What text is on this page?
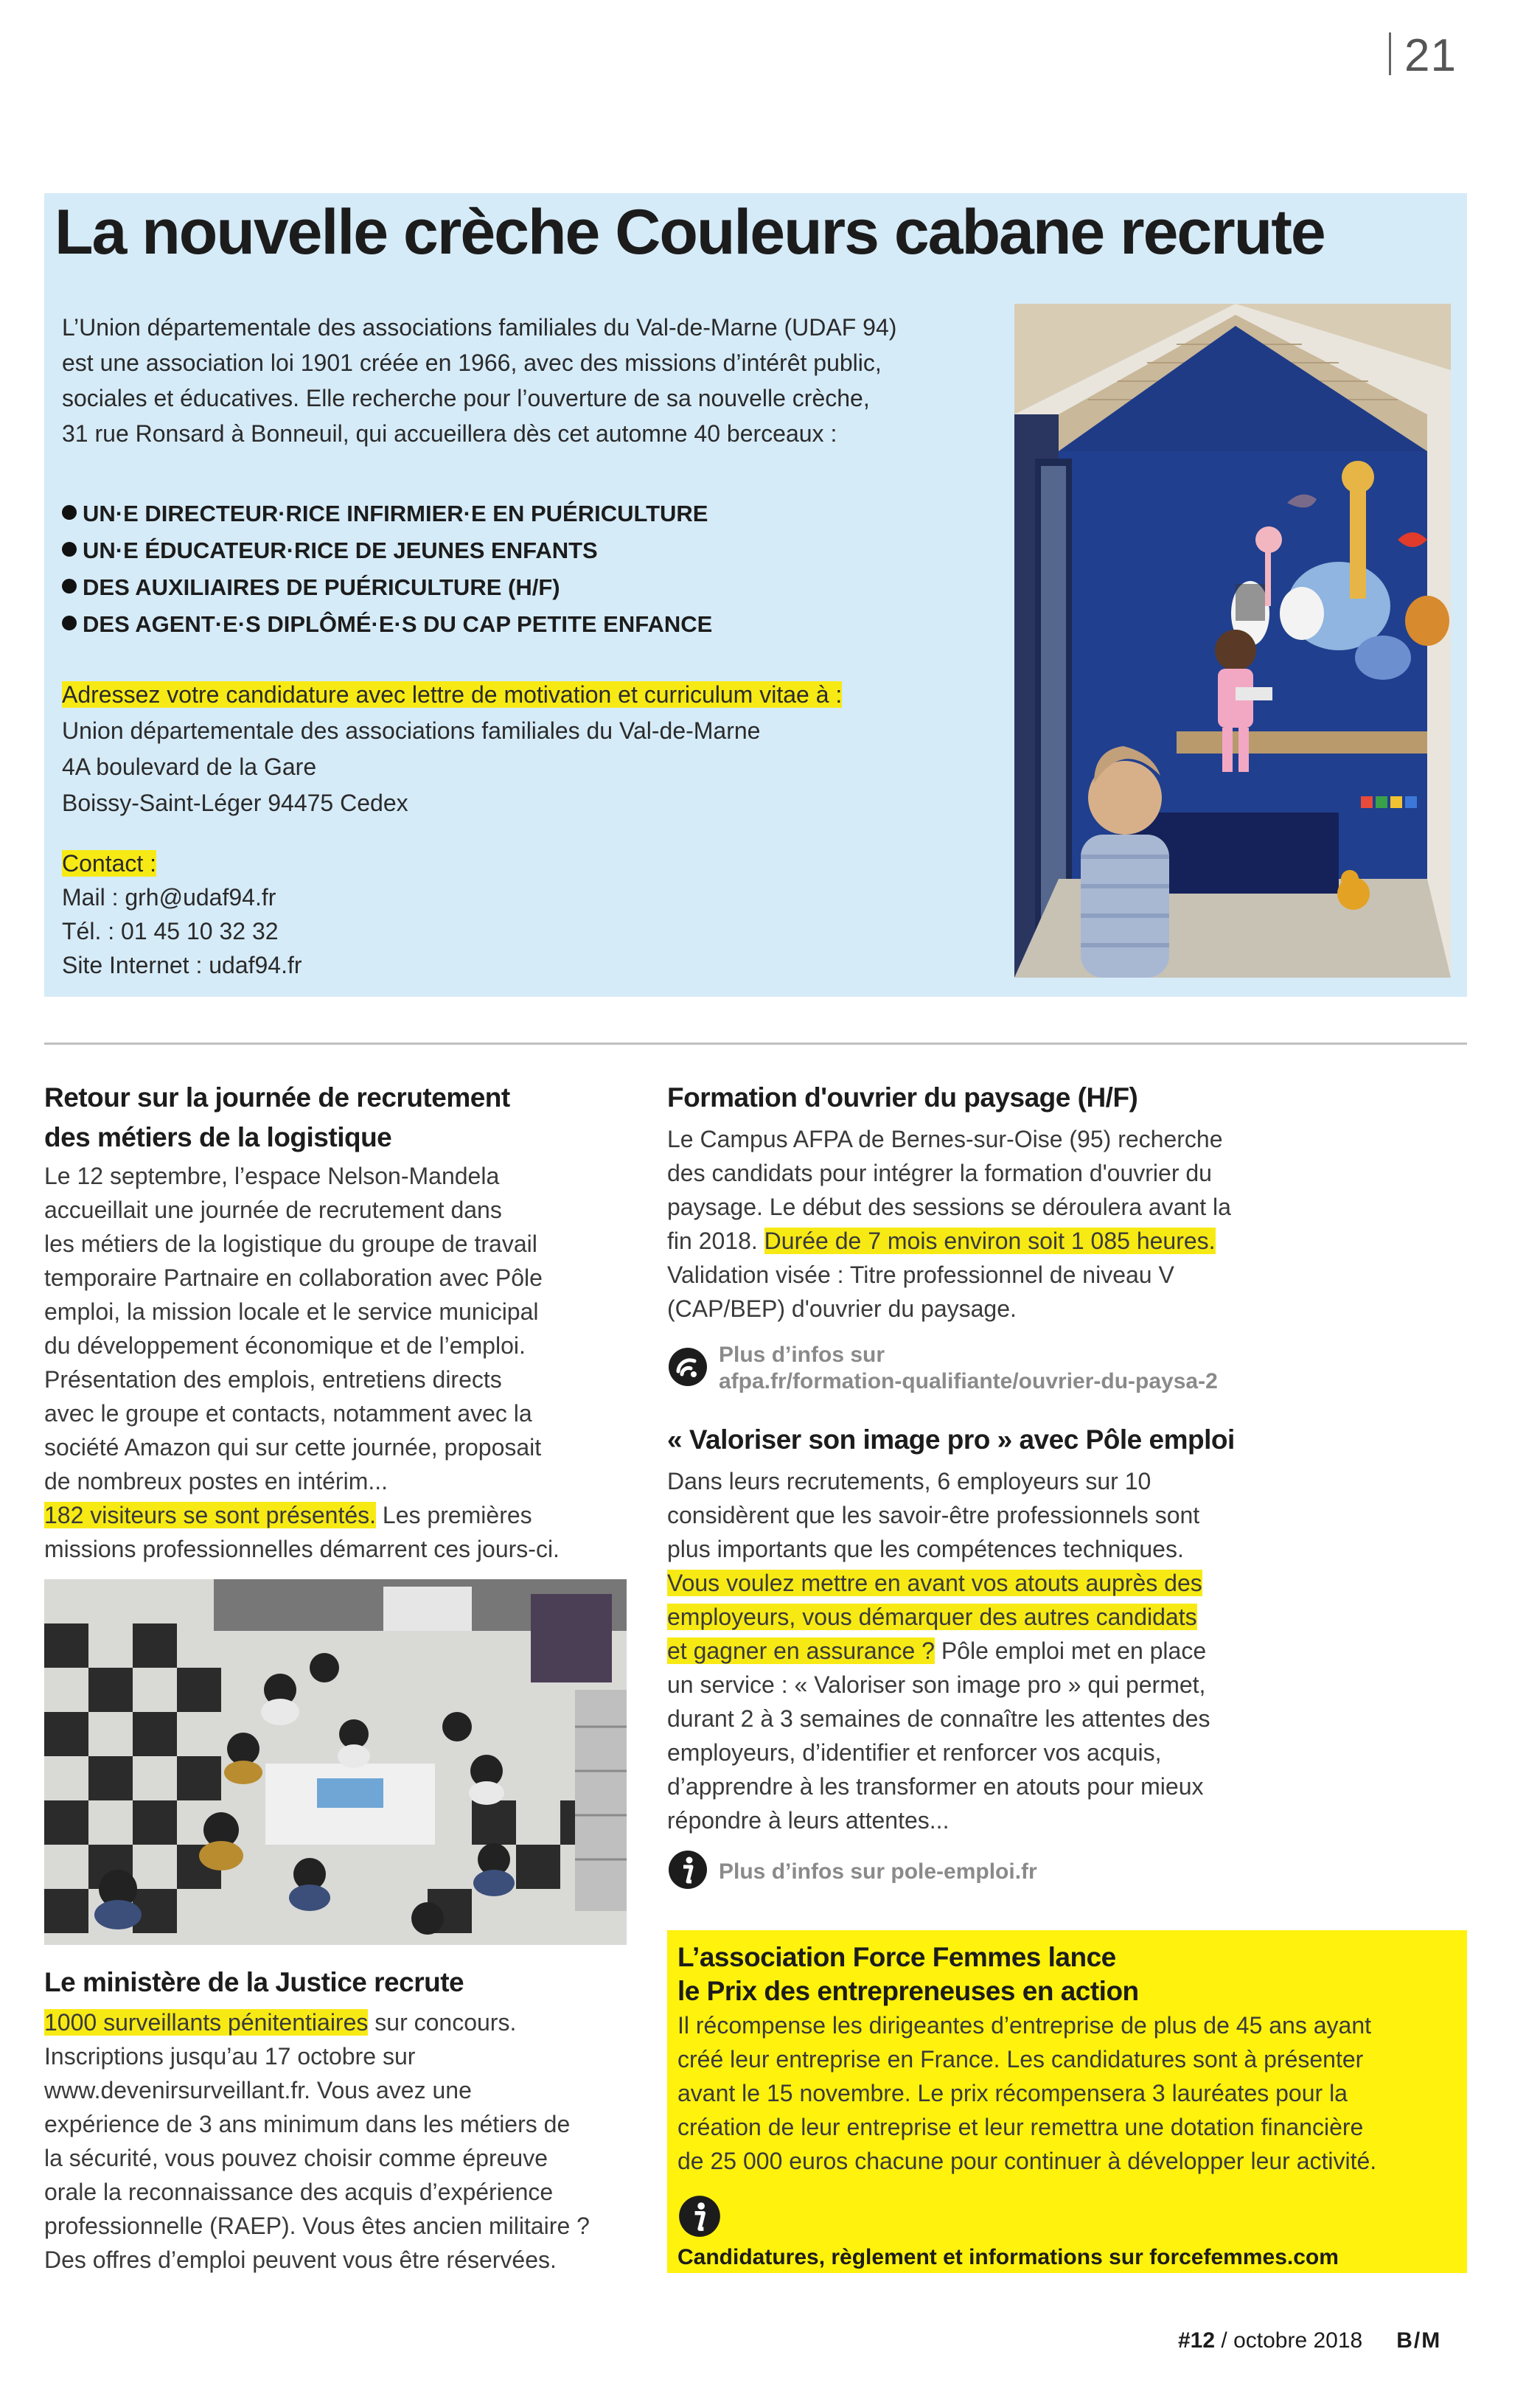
21
La nouvelle crèche Couleurs cabane recrute
L’Union départementale des associations familiales du Val-de-Marne (UDAF 94)
est une association loi 1901 créée en 1966, avec des missions d’intérêt public,
sociales et éducatives. Elle recherche pour l’ouverture de sa nouvelle crèche,
31 rue Ronsard à Bonneuil, qui accueillera dès cet automne 40 berceaux :
UN·E DIRECTEUR·RICE INFIRMIER·E EN PUÉRICULTURE
UN·E ÉDUCATEUR·RICE DE JEUNES ENFANTS
DES AUXILIAIRES DE PUÉRICULTURE (H/F)
DES AGENT·E·S DIPLÔMÉ·E·S DU CAP PETITE ENFANCE
Adressez votre candidature avec lettre de motivation et curriculum vitae à :
Union départementale des associations familiales du Val-de-Marne
4A boulevard de la Gare
Boissy-Saint-Léger 94475 Cedex
Contact :
Mail : grh@udaf94.fr
Tél. : 01 45 10 32 32
Site Internet : udaf94.fr
Retour sur la journée de recrutement
des métiers de la logistique
Le 12 septembre, l’espace Nelson-Mandela
accueillait une journée de recrutement dans
les métiers de la logistique du groupe de travail
temporaire Partnaire en collaboration avec Pôle
emploi, la mission locale et le service municipal
du développement économique et de l’emploi.
Présentation des emplois, entretiens directs
avec le groupe et contacts, notamment avec la
société Amazon qui sur cette journée, proposait
de nombreux postes en intérim...
182 visiteurs se sont présentés. Les premières
missions professionnelles démarrent ces jours-ci.
Le ministère de la Justice recrute
1000 surveillants pénitentiaires sur concours.
Inscriptions jusqu’au 17 octobre sur
www.devenirsurveillant.fr. Vous avez une
expérience de 3 ans minimum dans les métiers de
la sécurité, vous pouvez choisir comme épreuve
orale la reconnaissance des acquis d’expérience
professionnelle (RAEP). Vous êtes ancien militaire ?
Des offres d’emploi peuvent vous être réservées.
Formation d'ouvrier du paysage (H/F)
Le Campus AFPA de Bernes-sur-Oise (95) recherche
des candidats pour intégrer la formation d'ouvrier du
paysage. Le début des sessions se déroulera avant la
fin 2018. Durée de 7 mois environ soit 1 085 heures.
Validation visée : Titre professionnel de niveau V
(CAP/BEP) d'ouvrier du paysage.
Plus d’infos sur
afpa.fr/formation-qualifiante/ouvrier-du-paysa-2
« Valoriser son image pro » avec Pôle emploi
Dans leurs recrutements, 6 employeurs sur 10
considèrent que les savoir-être professionnels sont
plus importants que les compétences techniques.
Vous voulez mettre en avant vos atouts auprès des
employeurs, vous démarquer des autres candidats
et gagner en assurance ? Pôle emploi met en place
un service : « Valoriser son image pro » qui permet,
durant 2 à 3 semaines de connaître les attentes des
employeurs, d’identifier et renforcer vos acquis,
d’apprendre à les transformer en atouts pour mieux
répondre à leurs attentes...
Plus d’infos sur pole-emploi.fr
L’association Force Femmes lance
le Prix des entrepreneuses en action
Il récompense les dirigeantes d’entreprise de plus de 45 ans ayant
créé leur entreprise en France. Les candidatures sont à présenter
avant le 15 novembre. Le prix récompensera 3 lauréates pour la
création de leur entreprise et leur remettra une dotation financière
de 25 000 euros chacune pour continuer à développer leur activité.
Candidatures, règlement et informations sur forcefemmes.com
#12 / octobre 2018 B/M
